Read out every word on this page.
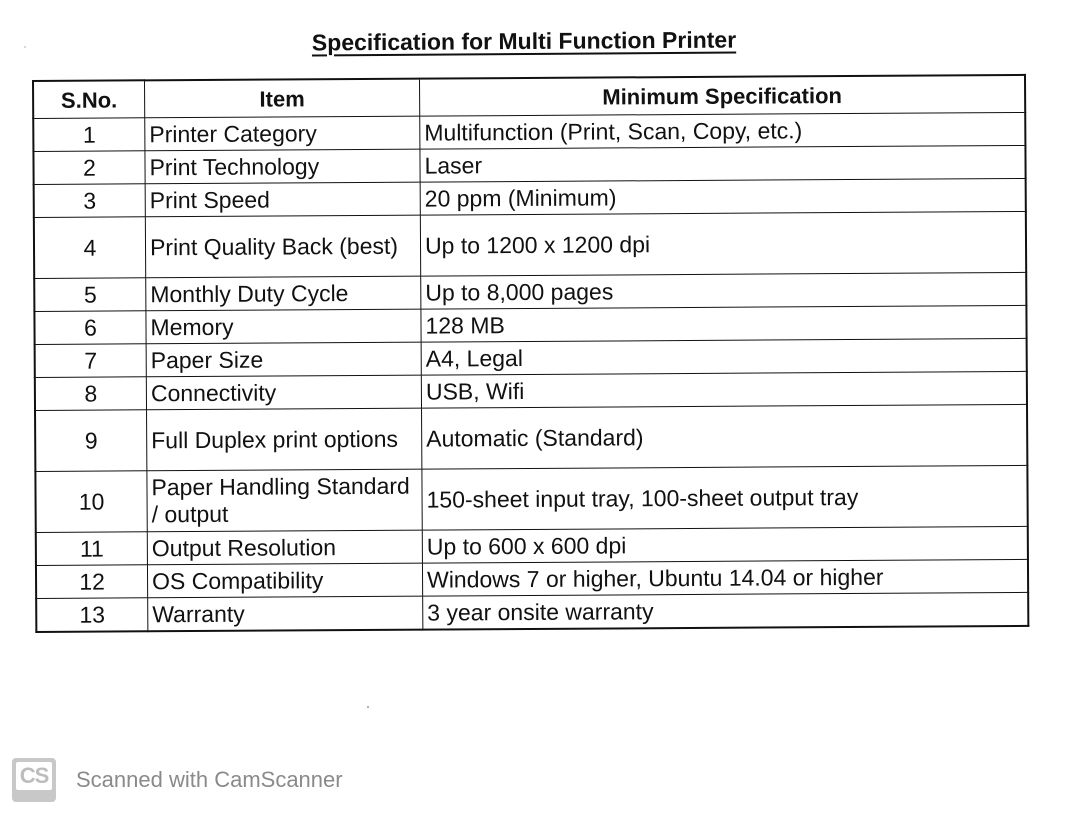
Specification for Multi Function Printer
S.No.	Item	Minimum Specification
1	Printer Category	Multifunction (Print, Scan, Copy, etc.)
2	Print Technology	Laser
3	Print Speed	20 ppm (Minimum)
4	Print Quality Back (best)	Up to 1200 x 1200 dpi
5	Monthly Duty Cycle	Up to 8,000 pages
6	Memory	128 MB
7	Paper Size	A4, Legal
8	Connectivity	USB, Wifi
9	Full Duplex print options	Automatic (Standard)
10	Paper Handling Standard / output	150-sheet input tray, 100-sheet output tray
11	Output Resolution	Up to 600 x 600 dpi
12	OS Compatibility	Windows 7 or higher, Ubuntu 14.04 or higher
13	Warranty	3 year onsite warranty
CS Scanned with CamScanner
